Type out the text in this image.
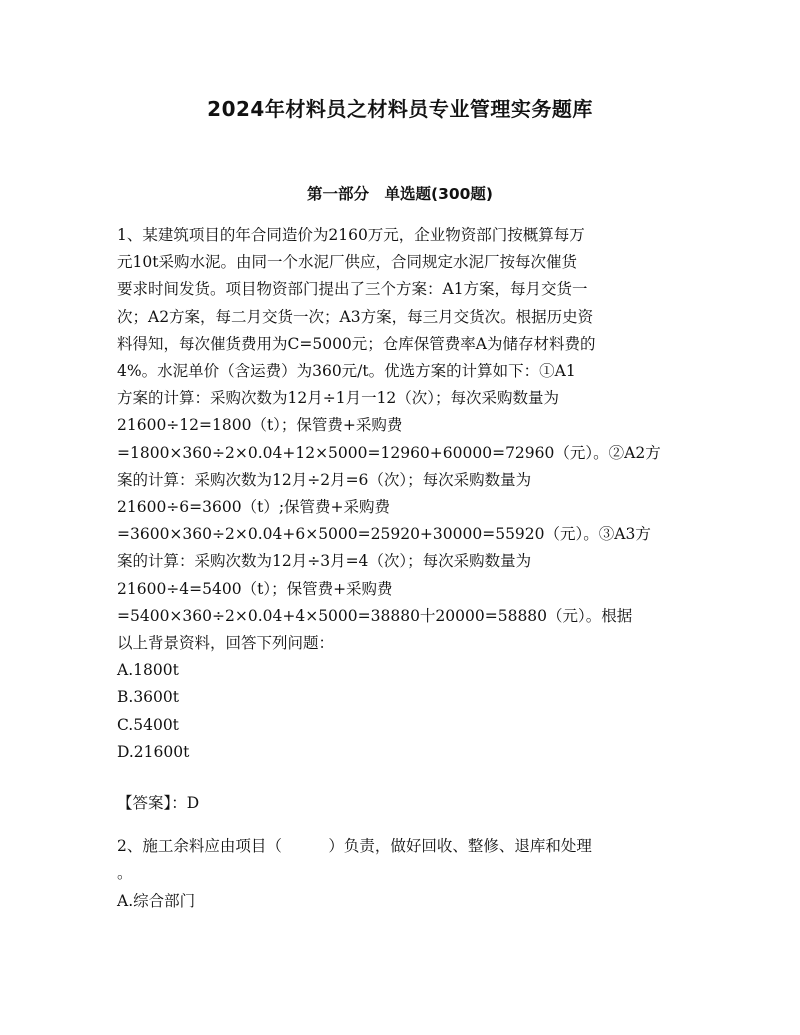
2024年材料员之材料员专业管理实务题库
第一部分　单选题(300题)

1、某建筑项目的年合同造价为2160万元，企业物资部门按概算每万
元10t采购水泥。由同一个水泥厂供应，合同规定水泥厂按每次催货
要求时间发货。项目物资部门提出了三个方案：A1方案，每月交货一
次；A2方案，每二月交货一次；A3方案，每三月交货次。根据历史资
料得知，每次催货费用为C=5000元；仓库保管费率A为储存材料费的
4%。水泥单价（含运费）为360元/t。优选方案的计算如下：①A1
方案的计算：采购次数为12月÷1月一12（次）；每次采购数量为
21600÷12=1800（t）；保管费+采购费
=1800×360÷2×0.04+12×5000=12960+60000=72960（元）。②A2方
案的计算：采购次数为12月÷2月=6（次）；每次采购数量为
21600÷6=3600（t）;保管费+采购费
=3600×360÷2×0.04+6×5000=25920+30000=55920（元）。③A3方
案的计算：采购次数为12月÷3月=4（次）；每次采购数量为
21600÷4=5400（t）；保管费+采购费
=5400×360÷2×0.04+4×5000=38880十20000=58880（元）。根据
以上背景资料，回答下列问题：

A.1800t
B.3600t
C.5400t
D.21600t

【答案】：D

2、施工余料应由项目（　　　）负责，做好回收、整修、退库和处理
。

A.综合部门
